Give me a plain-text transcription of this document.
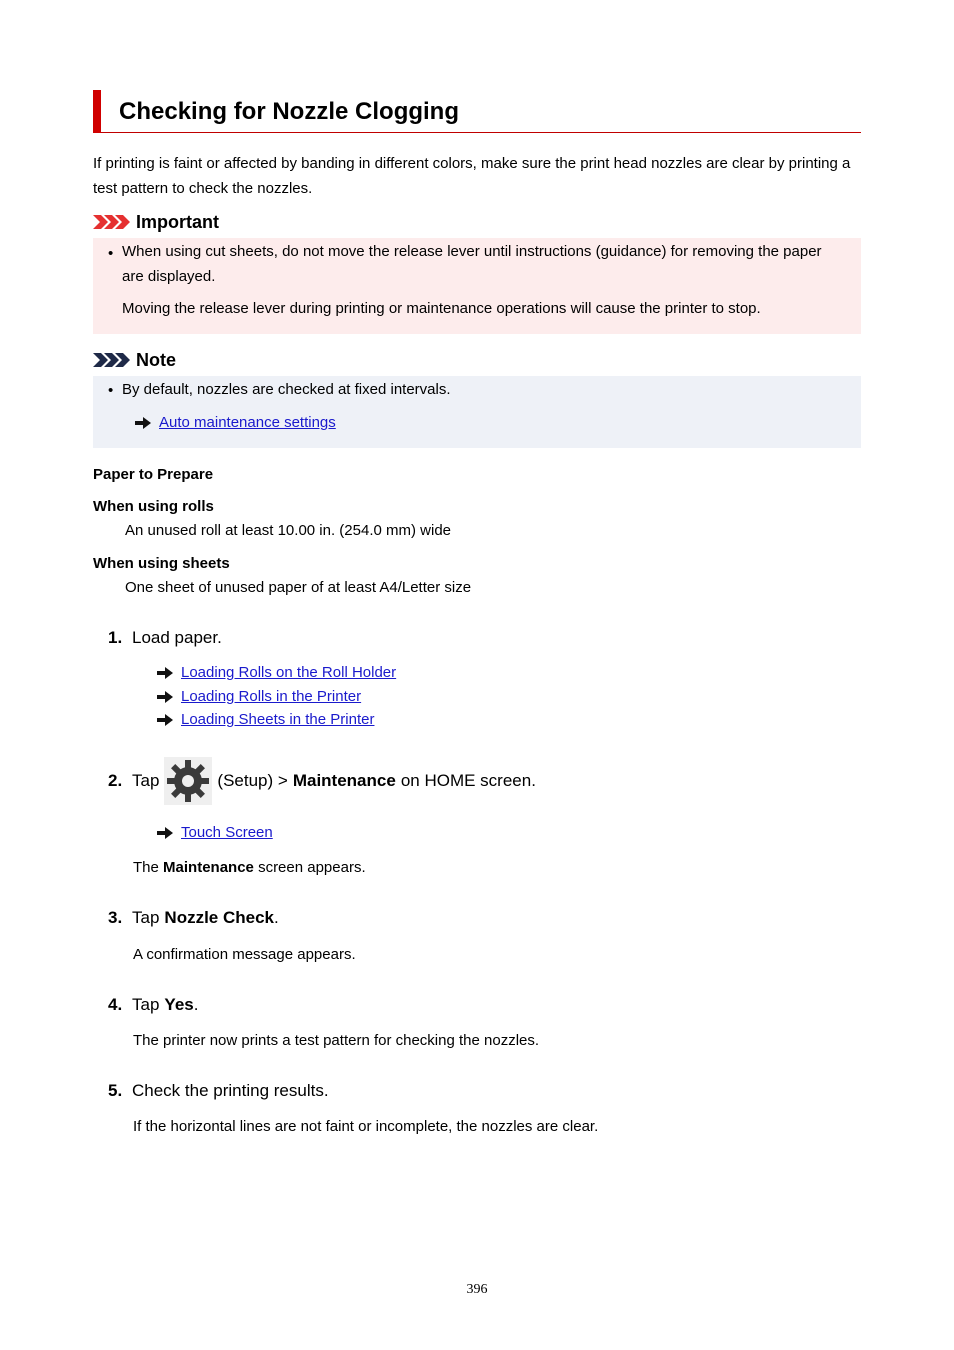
Checking for Nozzle Clogging

If printing is faint or affected by banding in different colors, make sure the print head nozzles are clear by printing a test pattern to check the nozzles.

Important
• When using cut sheets, do not move the release lever until instructions (guidance) for removing the paper are displayed.

Moving the release lever during printing or maintenance operations will cause the printer to stop.

Note
• By default, nozzles are checked at fixed intervals.

Auto maintenance settings

Paper to Prepare

When using rolls

An unused roll at least 10.00 in. (254.0 mm) wide

When using sheets

One sheet of unused paper of at least A4/Letter size

1. Load paper.
Loading Rolls on the Roll Holder
Loading Rolls in the Printer
Loading Sheets in the Printer
2. Tap	(Setup) > Maintenance on HOME screen.
Touch Screen

The Maintenance screen appears.

3. Tap Nozzle Check .

A confirmation message appears.

4. Tap Yes .

The printer now prints a test pattern for checking the nozzles.

5. Check the printing results.

If the horizontal lines are not faint or incomplete, the nozzles are clear.

396
